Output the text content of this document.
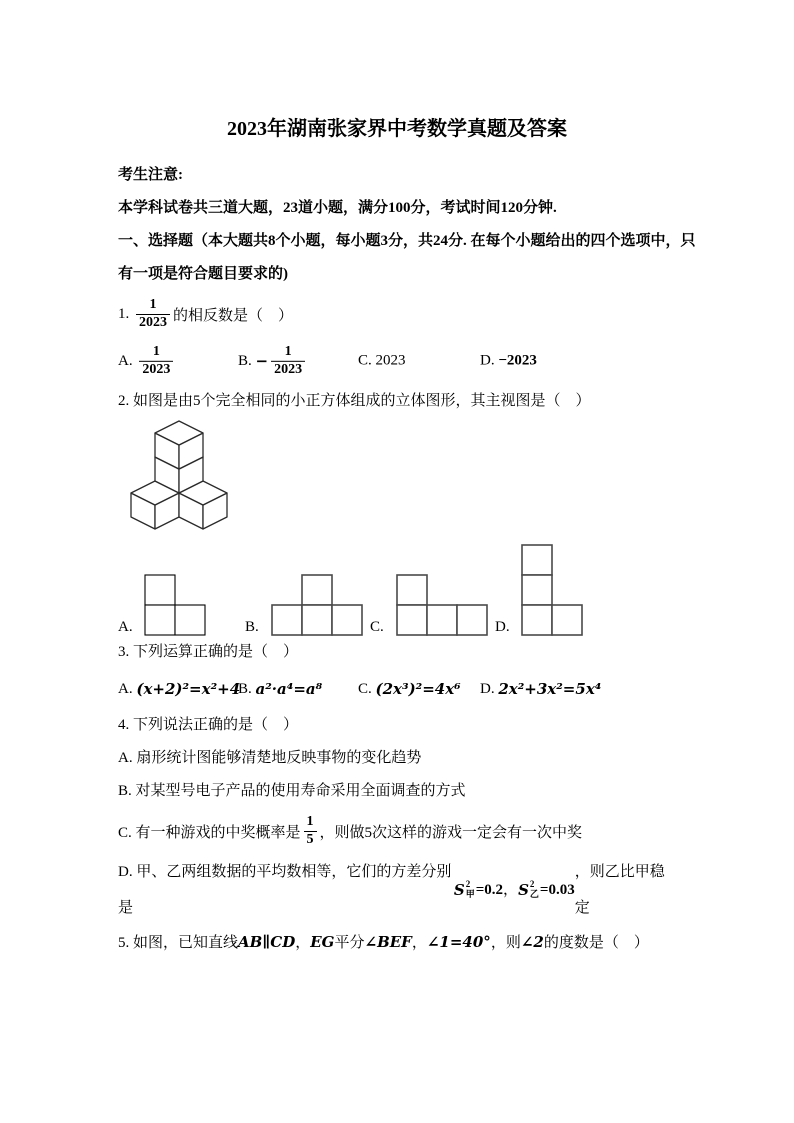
2023年湖南张家界中考数学真题及答案

考生注意:

本学科试卷共三道大题，23道小题，满分100分，考试时间120分钟.

一、选择题（本大题共8个小题，每小题3分，共24分. 在每个小题给出的四个选项中，只

有一项是符合题目要求的)

1. $\frac{1}{2023}$ 的相反数是（    ）
A. $\frac{1}{2023}$	B. − $\frac{1}{2023}$	C. 2023	D. −2023

2. 如图是由5个完全相同的小正方体组成的立体图形，其主视图是（    ）

A.	B.	C.	D.

3. 下列运算正确的是（    ）

A. (x+2)²=x²+4
B. a²·a⁴=a⁸ C. (2x³)²=4x⁶ D. 2x²+3x²=5x⁴

4. 下列说法正确的是（    ）

A. 扇形统计图能够清楚地反映事物的变化趋势

B. 对某型号电子产品的使用寿命采用全面调查的方式

C. 有一种游戏的中奖概率是 $\frac{1}{5}$ ，则做5次这样的游戏一定会有一次中奖
D. 甲、乙两组数据的平均数相等，它们的方差分别是
S 2
甲 =0.2 ， S 2
乙 =0.03
，则乙比甲稳定

5. 如图，已知直线AB∥CD，EG平分∠BEF，∠1=40°，则∠2的度数是（    ）
